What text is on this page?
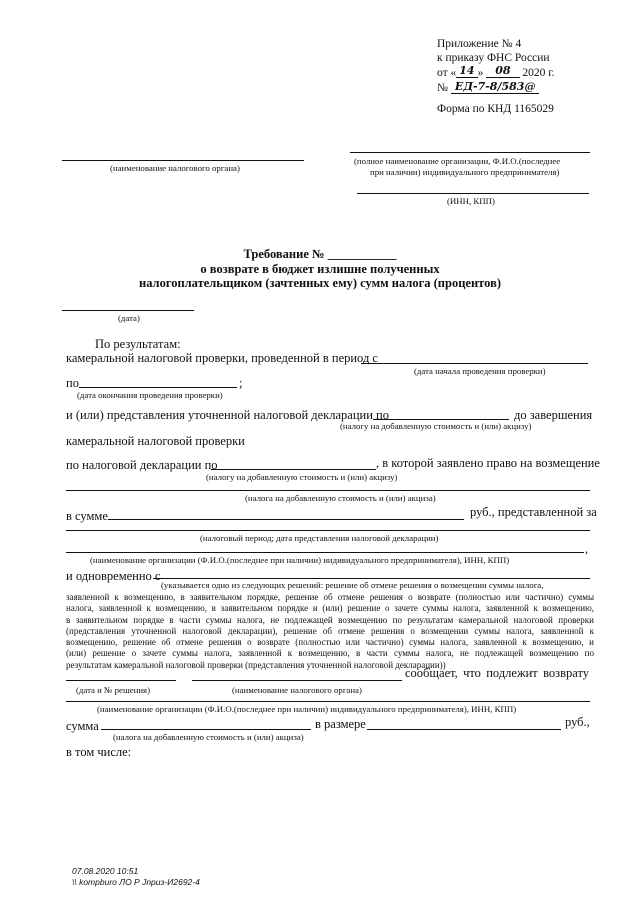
Приложение № 4
к приказу ФНС России
от « 14 » 08 2020 г.
№ ЕД-7-8/583@
Форма по КНД 1165029
(наименование налогового органа)
(полное наименование организации, Ф.И.О.(последнее
при наличии) индивидуального предпринимателя)
(ИНН, КПП)
Требование № ___________
о возврате в бюджет излишне полученных
налогоплательщиком (зачтенных ему) сумм налога (процентов)
(дата)
По результатам:
камеральной налоговой проверки, проведенной в период с
(дата начала проведения проверки)
по	;
(дата окончания проведения проверки)
и (или) представления уточненной налоговой декларации по	до завершения
(налогу на добавленную стоимость и (или) акцизу)
камеральной налоговой проверки
по налоговой декларации по	, в которой заявлено право на возмещение
(налогу на добавленную стоимость и (или) акцизу)
(налога на добавленную стоимость и (или) акциза)
в сумме	руб., представленной за
(налоговый период; дата представления налоговой декларации)
,
(наименование организации (Ф.И.О.(последнее при наличии) индивидуального предпринимателя), ИНН, КПП)
и одновременно с
(указывается одно из следующих решений: решение об отмене решения о возмещении суммы налога,
заявленной к возмещению, в заявительном порядке, решение об отмене решения о возврате (полностью или частично) суммы
налога, заявленной к возмещению, в заявительном порядке и (или) решение о зачете суммы налога, заявленной к возмещению,
в заявительном порядке в части суммы налога, не подлежащей возмещению по результатам камеральной налоговой проверки
(представления уточненной налоговой декларации), решение об отмене решения о возмещении суммы налога, заявленной к
возмещению, решение об отмене решения о возврате (полностью или частично) суммы налога, заявленной к возмещению, и
(или) решение о зачете суммы налога, заявленной к возмещению, в части суммы налога, не подлежащей возмещению по
результатам камеральной налоговой проверки (представления уточненной налоговой декларации))
сообщает, что подлежит возврату
(дата и № решения)	(наименование налогового органа)
(наименование организации (Ф.И.О.(последнее при наличии) индивидуального предпринимателя), ИНН, КПП)
сумма	в размере	руб.,
(налога на добавленную стоимость и (или) акциза)
в том числе:
07.08.2020 10:51
\\ kompburo ЛО Р Jnpuз-И2692-4
